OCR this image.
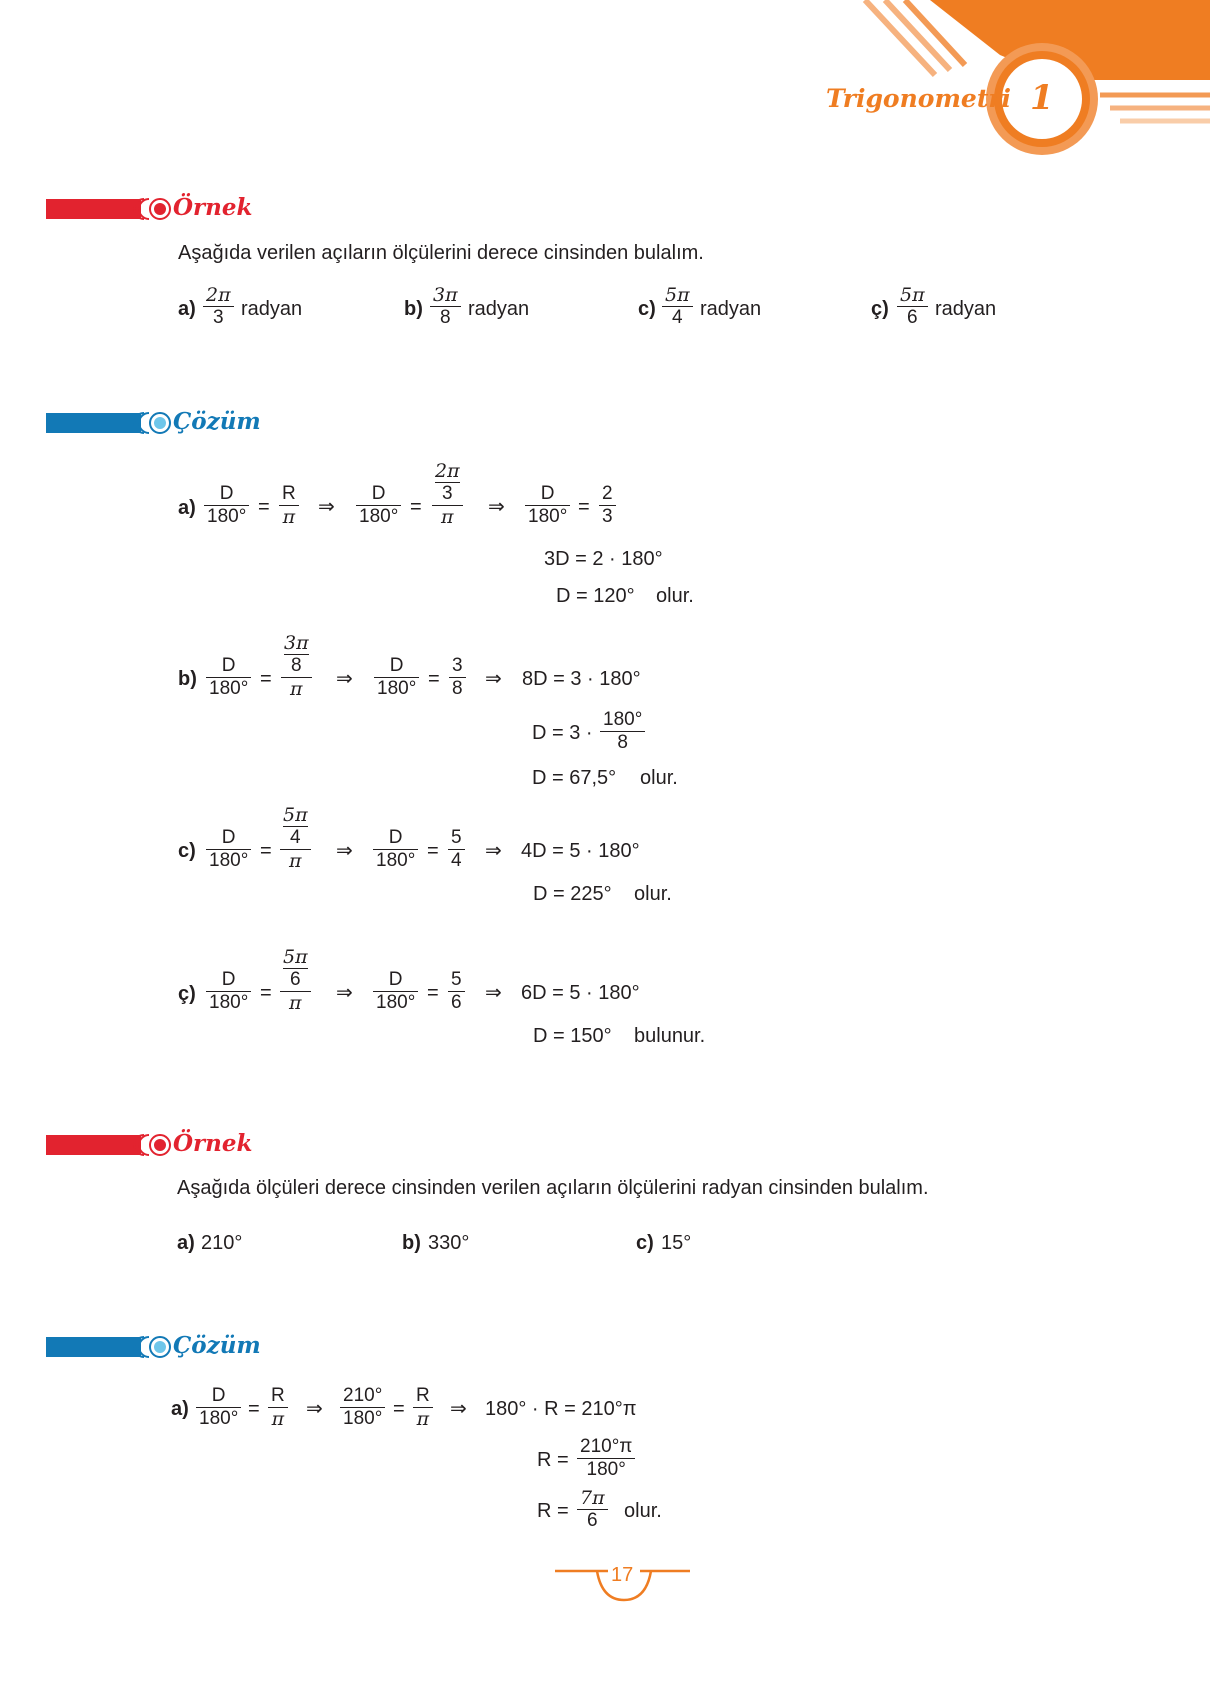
Trigonometri 1
Örnek
Aşağıda verilen açıların ölçülerini derece cinsinden bulalım.
$a) \frac{2\pi}{3}$ radyan	$b) \frac{3\pi}{8}$ radyan	$c) \frac{5\pi}{4}$ radyan	ç) $\frac{5\pi}{6}$ radyan
Çözüm
$a) \frac{D}{180^\circ} = \frac{R}{\pi}$ ⇒ $\frac{D}{180^\circ} = 2\pi$
3
π ⇒ $\frac{D}{180^\circ} = \frac{2}{3}$
3D = 2 · 180°
D = 120° olur.
$b) \frac{D}{180^\circ} = 3\pi$
8
π ⇒ $\frac{D}{180^\circ} = \frac{3}{8}$ ⇒ 8D = 3 · 180°
$D = 3 \cdot \frac{180^\circ}{8}$
D = 67,5° olur.
$c) \frac{D}{180^\circ} = 5\pi$
4
π ⇒ $\frac{D}{180^\circ} = \frac{5}{4}$ ⇒ 4D = 5 · 180°
D = 225° olur.
ç) $\frac{D}{180^\circ} = 5\pi$
6
π ⇒ $\frac{D}{180^\circ} = \frac{5}{6}$ ⇒ 6D = 5 · 180°
D = 150° bulunur.
Örnek
Aşağıda ölçüleri derece cinsinden verilen açıların ölçülerini radyan cinsinden bulalım.
a) 210°	b) 330°	c) 15°
Çözüm
$a) \frac{D}{180^\circ} = \frac{R}{\pi}$ ⇒ $\frac{210^\circ}{180^\circ} = \frac{R}{\pi}$ ⇒ 180° · R = 210°π
$R = \frac{210^\circ\pi}{180^\circ}$
$R = \frac{7\pi}{6}$ olur.
17
